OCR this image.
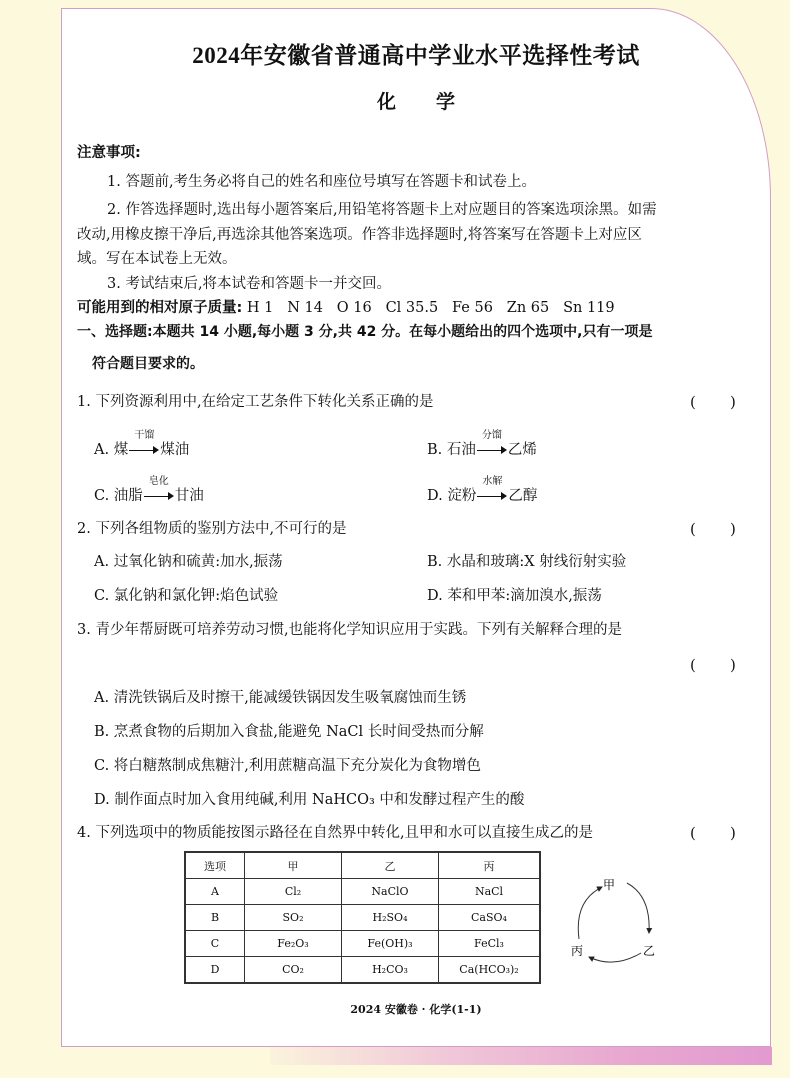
2024年安徽省普通高中学业水平选择性考试
化学
注意事项:
1. 答题前,考生务必将自己的姓名和座位号填写在答题卡和试卷上。
2. 作答选择题时,选出每小题答案后,用铅笔将答题卡上对应题目的答案选项涂黑。如需
改动,用橡皮擦干净后,再选涂其他答案选项。作答非选择题时,将答案写在答题卡上对应区
域。写在本试卷上无效。
3. 考试结束后,将本试卷和答题卡一并交回。
可能用到的相对原子质量: H 1   N 14   O 16   Cl 35.5   Fe 56   Zn 65   Sn 119
一、选择题:本题共 14 小题,每小题 3 分,共 42 分。在每小题给出的四个选项中,只有一项是
符合题目要求的。
1. 下列资源利用中,在给定工艺条件下转化关系正确的是	( )
A. 煤
干馏
煤油	B. 石油
分馏
乙烯
C. 油脂
皂化
甘油	D. 淀粉
水解
乙醇
2. 下列各组物质的鉴别方法中,不可行的是	( )
A. 过氧化钠和硫黄:加水,振荡	B. 水晶和玻璃:X 射线衍射实验
C. 氯化钠和氯化钾:焰色试验	D. 苯和甲苯:滴加溴水,振荡
3. 青少年帮厨既可培养劳动习惯,也能将化学知识应用于实践。下列有关解释合理的是
( )
A. 清洗铁锅后及时擦干,能减缓铁锅因发生吸氧腐蚀而生锈
B. 烹煮食物的后期加入食盐,能避免 NaCl 长时间受热而分解
C. 将白糖熬制成焦糖汁,利用蔗糖高温下充分炭化为食物增色
D. 制作面点时加入食用纯碱,利用 NaHCO₃ 中和发酵过程产生的酸
4. 下列选项中的物质能按图示路径在自然界中转化,且甲和水可以直接生成乙的是	( )
选项	甲	乙	丙
A	Cl₂	NaClO	NaCl
B	SO₂	H₂SO₄	CaSO₄
C	Fe₂O₃	Fe(OH)₃	FeCl₃
D	CO₂	H₂CO₃	Ca(HCO₃)₂
甲
乙
丙
2024 安徽卷 · 化学(1-1)
